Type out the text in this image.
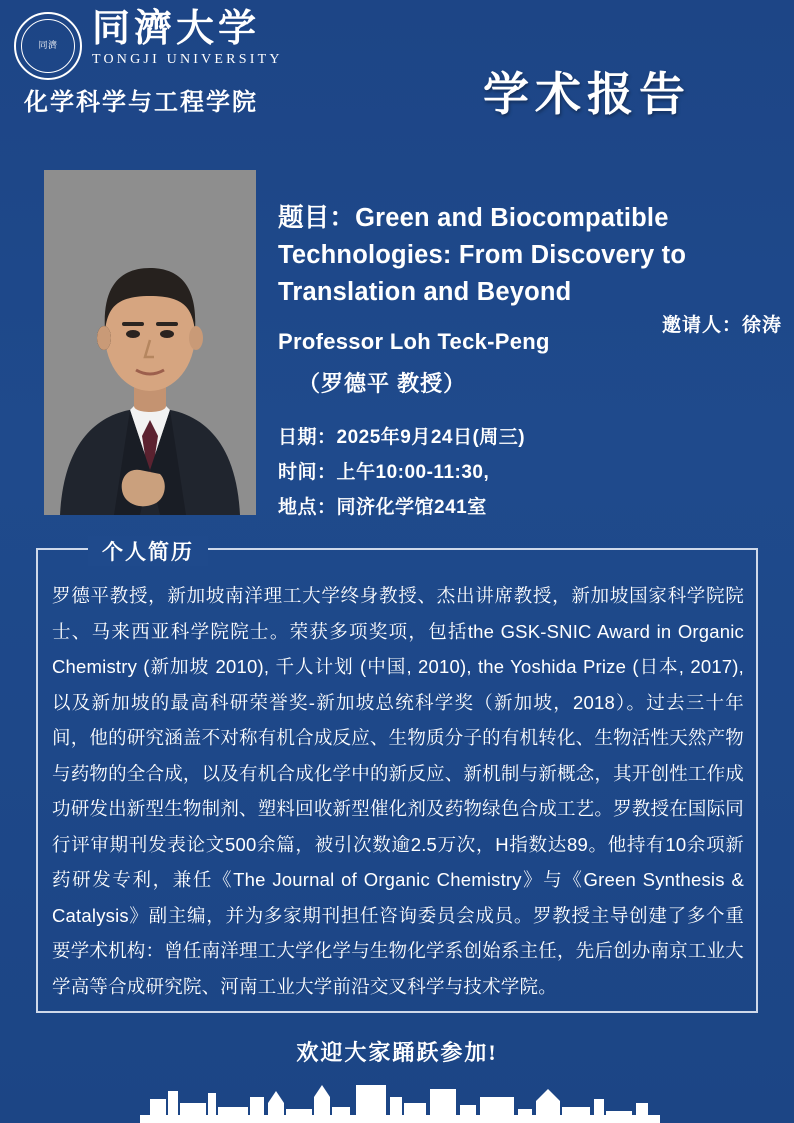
同濟 同濟大学
TONGJI UNIVERSITY
化学科学与工程学院	学术报告
题目：Green and Biocompatible Technologies: From Discovery to Translation and Beyond
Professor Loh Teck-Peng
（罗德平 教授）
日期：2025年9月24日(周三)
时间：上午10:00-11:30,
地点：同济化学馆241室
邀请人：徐涛
个人简历
罗德平教授，新加坡南洋理工大学终身教授、杰出讲席教授，新加坡国家科学院院士、马来西亚科学院院士。荣获多项奖项，包括the GSK-SNIC Award in Organic Chemistry (新加坡 2010), 千人计划 (中国, 2010), the Yoshida Prize (日本, 2017), 以及新加坡的最高科研荣誉奖-新加坡总统科学奖（新加坡，2018）。过去三十年间，他的研究涵盖不对称有机合成反应、生物质分子的有机转化、生物活性天然产物与药物的全合成，以及有机合成化学中的新反应、新机制与新概念，其开创性工作成功研发出新型生物制剂、塑料回收新型催化剂及药物绿色合成工艺。罗教授在国际同行评审期刊发表论文500余篇，被引次数逾2.5万次，H指数达89。他持有10余项新药研发专利，兼任《The Journal of Organic Chemistry》与《Green Synthesis & Catalysis》副主编，并为多家期刊担任咨询委员会成员。罗教授主导创建了多个重要学术机构：曾任南洋理工大学化学与生物化学系创始系主任，先后创办南京工业大学高等合成研究院、河南工业大学前沿交叉科学与技术学院。
欢迎大家踊跃参加!
